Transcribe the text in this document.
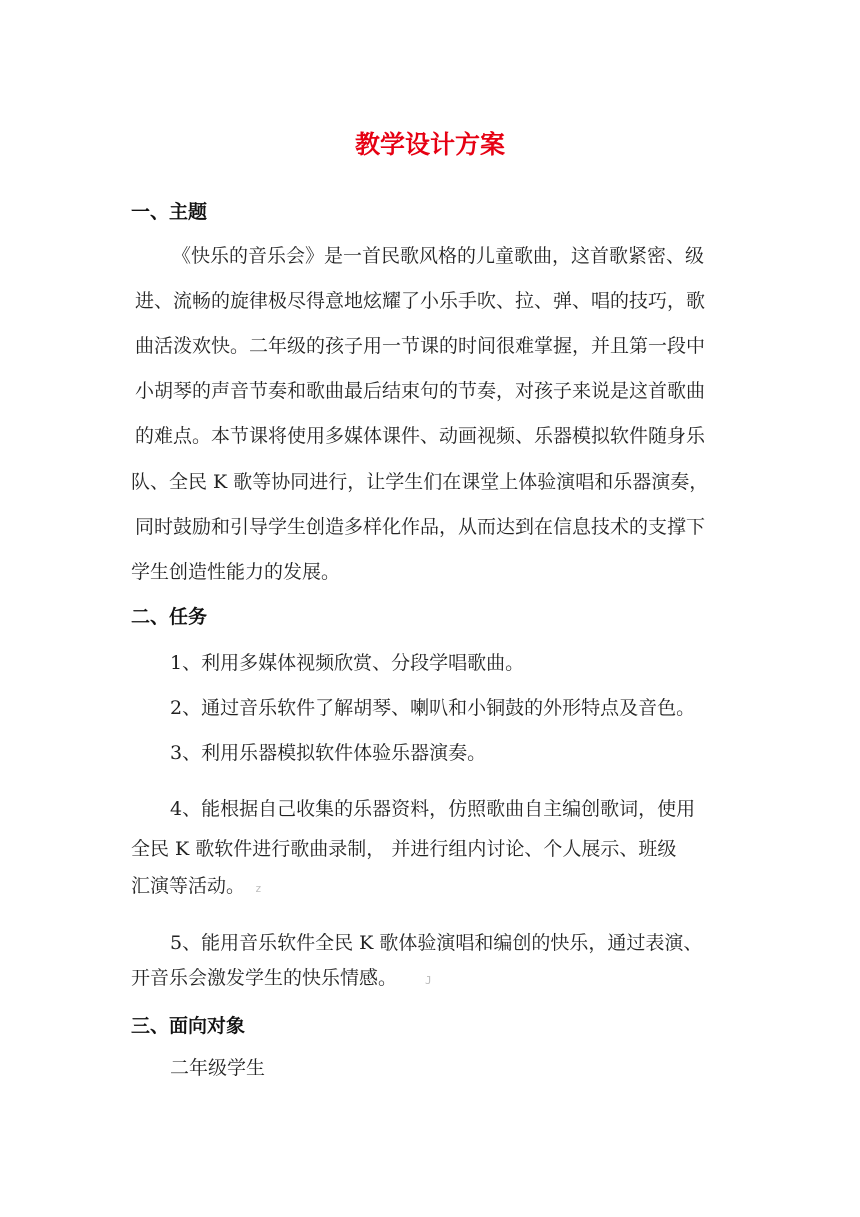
教学设计方案
一、主题

《快乐的音乐会》是一首民歌风格的儿童歌曲，这首歌紧密、级

进、流畅的旋律极尽得意地炫耀了小乐手吹、拉、弹、唱的技巧，歌

曲活泼欢快。二年级的孩子用一节课的时间很难掌握，并且第一段中

小胡琴的声音节奏和歌曲最后结束句的节奏，对孩子来说是这首歌曲

的难点。本节课将使用多媒体课件、动画视频、乐器模拟软件随身乐

队、全民 K 歌等协同进行，让学生们在课堂上体验演唱和乐器演奏，

同时鼓励和引导学生创造多样化作品，从而达到在信息技术的支撑下

学生创造性能力的发展。

二、任务

1、利用多媒体视频欣赏、分段学唱歌曲。

2、通过音乐软件了解胡琴、喇叭和小铜鼓的外形特点及音色。

3、利用乐器模拟软件体验乐器演奏。

4、能根据自己收集的乐器资料，仿照歌曲自主编创歌词，使用

全民 K 歌软件进行歌曲录制， 并进行组内讨论、个人展示、班级

汇演等活动。 z

5、能用音乐软件全民 K 歌体验演唱和编创的快乐，通过表演、

开音乐会激发学生的快乐情感。	J

三、面向对象

二年级学生
